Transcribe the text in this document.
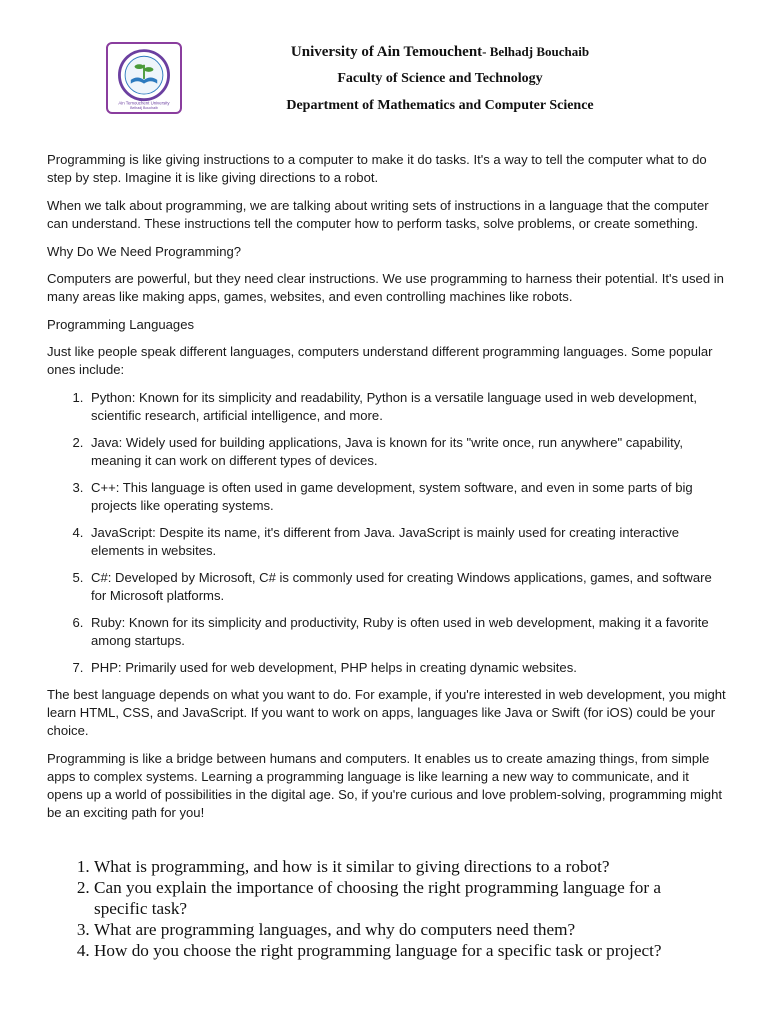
Ain Temouchent University
Belhadj Bouchaib
University of Ain Temouchent- Belhadj Bouchaib
Faculty of Science and Technology
Department of Mathematics and Computer Science

Programming is like giving instructions to a computer to make it do tasks. It's a way to tell the computer what to do step by step. Imagine it is like giving directions to a robot.

When we talk about programming, we are talking about writing sets of instructions in a language that the computer can understand. These instructions tell the computer how to perform tasks, solve problems, or create something.

Why Do We Need Programming?

Computers are powerful, but they need clear instructions. We use programming to harness their potential. It's used in many areas like making apps, games, websites, and even controlling machines like robots.

Programming Languages

Just like people speak different languages, computers understand different programming languages. Some popular ones include:

1. Python: Known for its simplicity and readability, Python is a versatile language used in web development, scientific research, artificial intelligence, and more.
2. Java: Widely used for building applications, Java is known for its "write once, run anywhere" capability, meaning it can work on different types of devices.
3. C++: This language is often used in game development, system software, and even in some parts of big projects like operating systems.
4. JavaScript: Despite its name, it's different from Java. JavaScript is mainly used for creating interactive elements in websites.
5. C#: Developed by Microsoft, C# is commonly used for creating Windows applications, games, and software for Microsoft platforms.
6. Ruby: Known for its simplicity and productivity, Ruby is often used in web development, making it a favorite among startups.
7. PHP: Primarily used for web development, PHP helps in creating dynamic websites.

The best language depends on what you want to do. For example, if you're interested in web development, you might learn HTML, CSS, and JavaScript. If you want to work on apps, languages like Java or Swift (for iOS) could be your choice.

Programming is like a bridge between humans and computers. It enables us to create amazing things, from simple apps to complex systems. Learning a programming language is like learning a new way to communicate, and it opens up a world of possibilities in the digital age. So, if you're curious and love problem-solving, programming might be an exciting path for you!

1. What is programming, and how is it similar to giving directions to a robot?
2. Can you explain the importance of choosing the right programming language for a specific task?
3. What are programming languages, and why do computers need them?
4. How do you choose the right programming language for a specific task or project?
